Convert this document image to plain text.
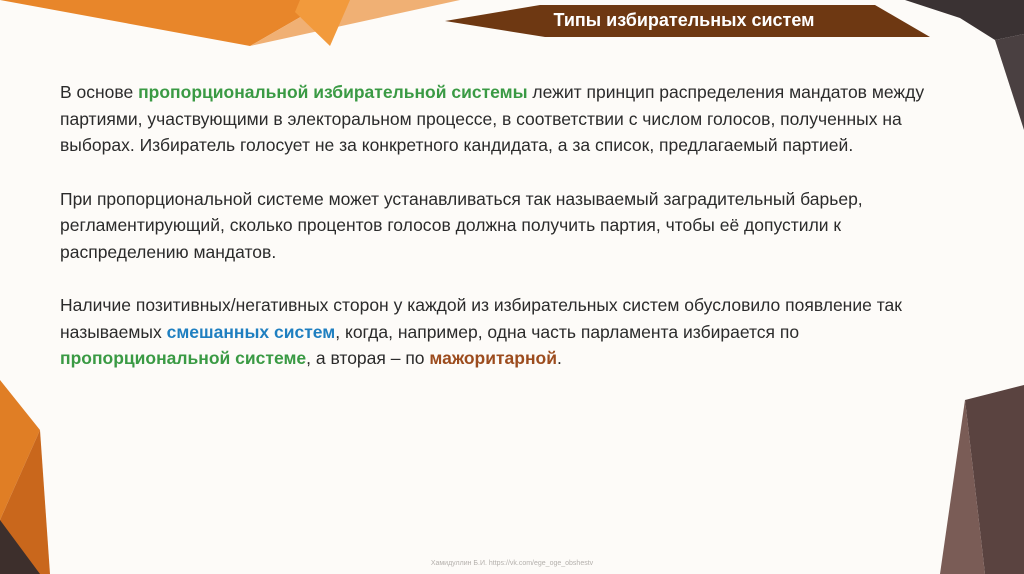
Типы избирательных систем

В основе пропорциональной избирательной системы лежит принцип распределения мандатов между партиями, участвующими в электоральном процессе, в соответствии с числом голосов, полученных на выборах. Избиратель голосует не за конкретного кандидата, а за список, предлагаемый партией.

При пропорциональной системе может устанавливаться так называемый заградительный барьер, регламентирующий, сколько процентов голосов должна получить партия, чтобы её допустили к распределению мандатов.

Наличие позитивных/негативных сторон у каждой из избирательных систем обусловило появление так называемых смешанных систем, когда, например, одна часть парламента избирается по пропорциональной системе, а вторая – по мажоритарной.

Хамидуллин Б.И. https://vk.com/ege_oge_obshestv
